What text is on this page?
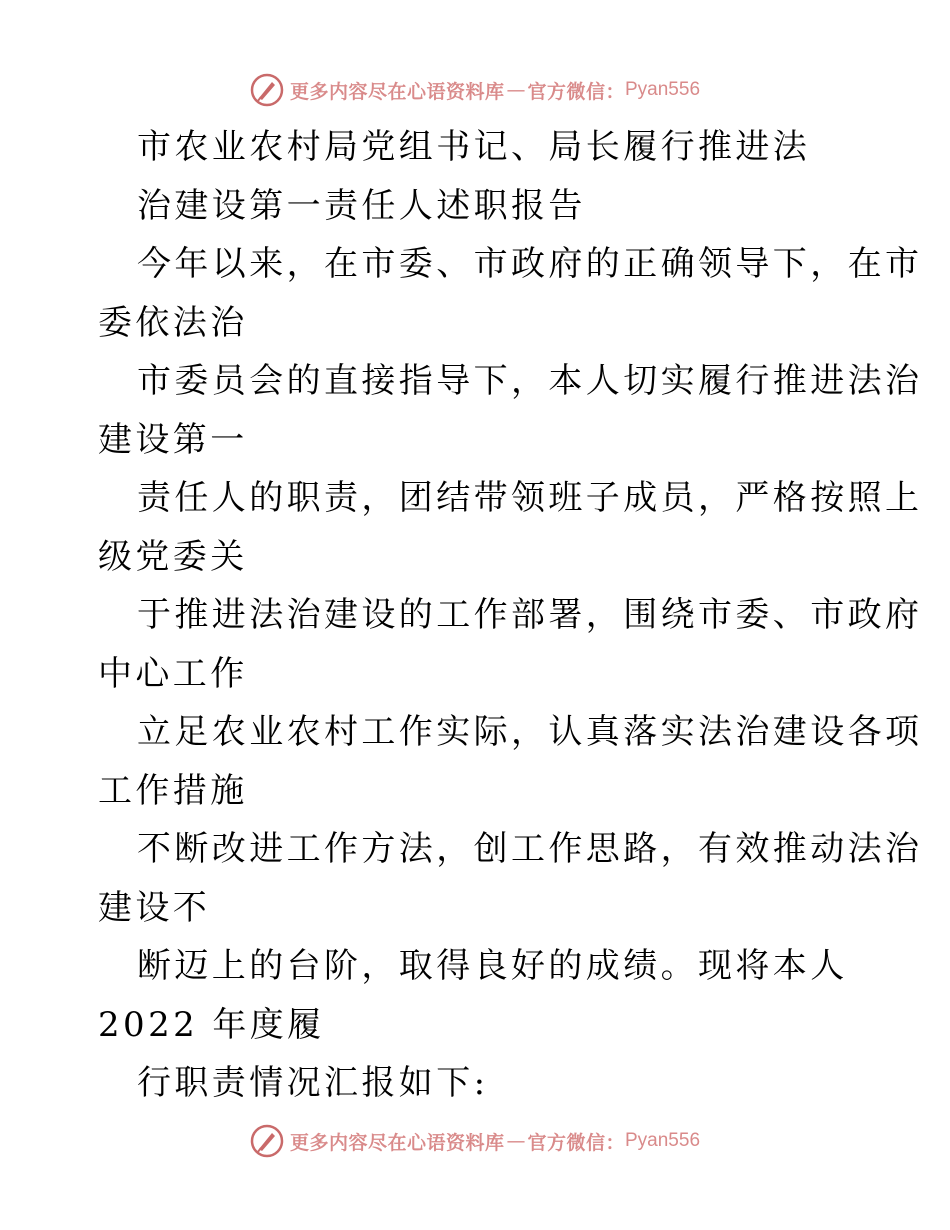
更多内容尽在心语资料库 — 官方微信： Pyan556
市农业农村局党组书记、局长履行推进法
治建设第一责任人述职报告
今年以来，在市委、市政府的正确领导下，在市
委依法治
市委员会的直接指导下，本人切实履行推进法治
建设第一
责任人的职责，团结带领班子成员，严格按照上
级党委关
于推进法治建设的工作部署，围绕市委、市政府
中心工作
立足农业农村工作实际，认真落实法治建设各项
工作措施
不断改进工作方法，创工作思路，有效推动法治
建设不
断迈上的台阶，取得良好的成绩。现将本人
2022 年度履
行职责情况汇报如下:
更多内容尽在心语资料库 — 官方微信： Pyan556
